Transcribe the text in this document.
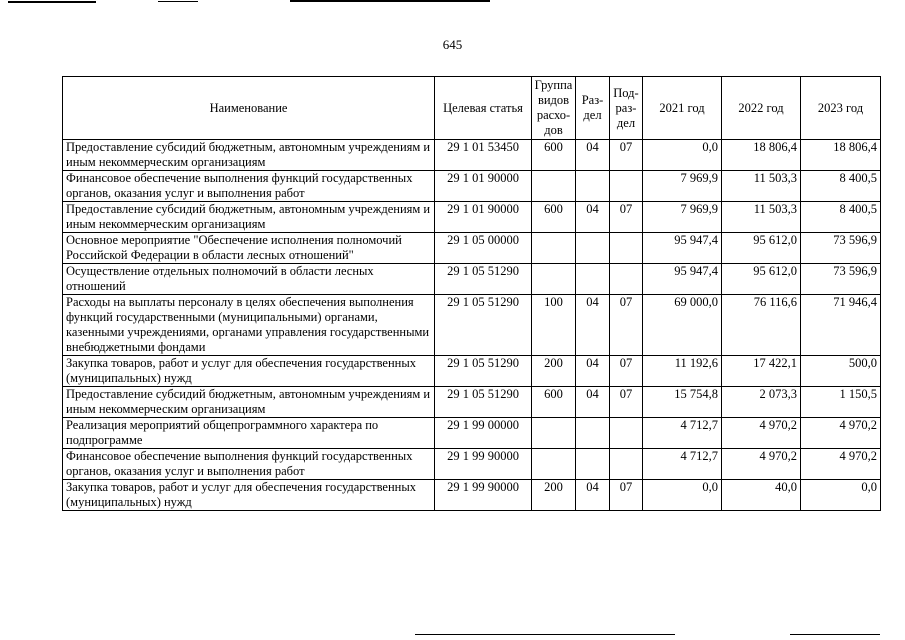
645
Наименование	Целевая статья	Группа видов расхо-дов	Раз-дел	Под-раз-дел	2021 год	2022 год	2023 год
Предоставление субсидий бюджетным, автономным учреждениям и иным некоммерческим организациям	29 1 01 53450	600	04	07	0,0	18 806,4	18 806,4
Финансовое обеспечение выполнения функций государственных органов, оказания услуг и выполнения работ	29 1 01 90000				7 969,9	11 503,3	8 400,5
Предоставление субсидий бюджетным, автономным учреждениям и иным некоммерческим организациям	29 1 01 90000	600	04	07	7 969,9	11 503,3	8 400,5
Основное мероприятие "Обеспечение исполнения полномочий Российской Федерации в области лесных отношений"	29 1 05 00000				95 947,4	95 612,0	73 596,9
Осуществление отдельных полномочий в области лесных отношений	29 1 05 51290				95 947,4	95 612,0	73 596,9
Расходы на выплаты персоналу в целях обеспечения выполнения функций государственными (муниципальными) органами, казенными учреждениями, органами управления государственными внебюджетными фондами	29 1 05 51290	100	04	07	69 000,0	76 116,6	71 946,4
Закупка товаров, работ и услуг для обеспечения государственных (муниципальных) нужд	29 1 05 51290	200	04	07	11 192,6	17 422,1	500,0
Предоставление субсидий бюджетным, автономным учреждениям и иным некоммерческим организациям	29 1 05 51290	600	04	07	15 754,8	2 073,3	1 150,5
Реализация мероприятий общепрограммного характера по подпрограмме	29 1 99 00000				4 712,7	4 970,2	4 970,2
Финансовое обеспечение выполнения функций государственных органов, оказания услуг и выполнения работ	29 1 99 90000				4 712,7	4 970,2	4 970,2
Закупка товаров, работ и услуг для обеспечения государственных (муниципальных) нужд	29 1 99 90000	200	04	07	0,0	40,0	0,0
